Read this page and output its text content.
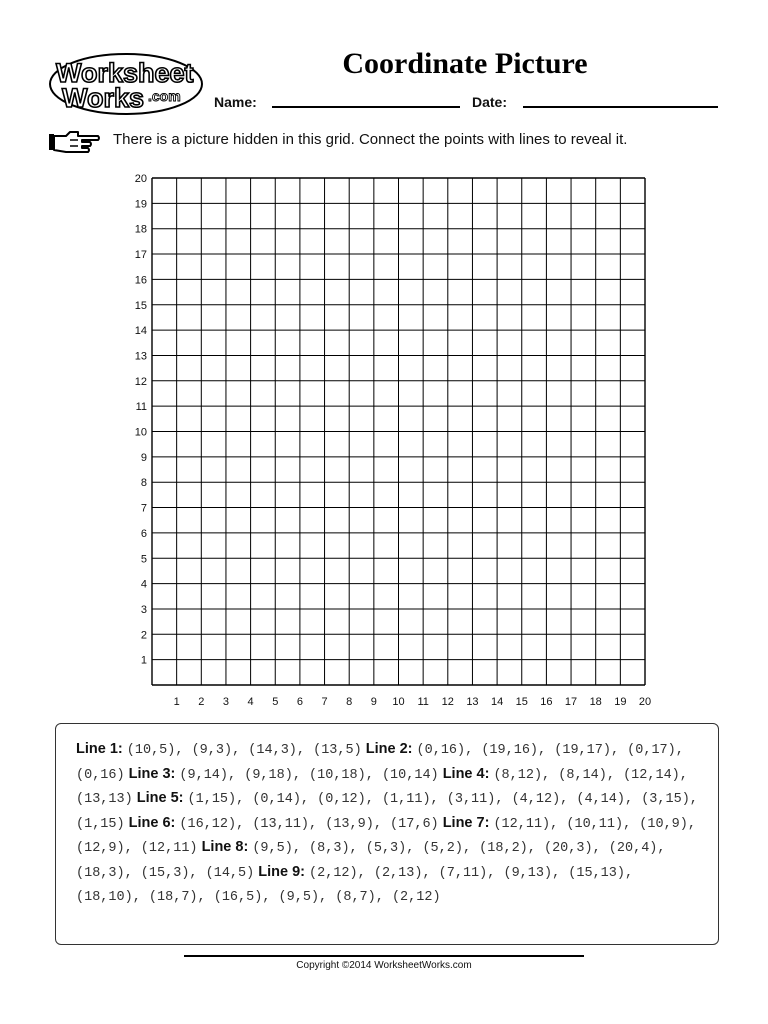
Worksheet
Works .com
Coordinate Picture
Name:	Date:
There is a picture hidden in this grid. Connect the points with lines to reveal it.
1
2
3
4
5
6
7
8
9
10
11
12
13
14
15
16
17
18
19
20
1 2 3 4 5 6 7 8 9 10 11 12 13 14 15 16 17 18 19 20
Line 1: (10,5), (9,3), (14,3), (13,5) Line 2: (0,16), (19,16), (19,17), (0,17), (0,16) Line 3: (9,14), (9,18), (10,18), (10,14) Line 4: (8,12), (8,14), (12,14), (13,13) Line 5: (1,15), (0,14), (0,12), (1,11), (3,11), (4,12), (4,14), (3,15), (1,15) Line 6: (16,12), (13,11), (13,9), (17,6) Line 7: (12,11), (10,11), (10,9), (12,9), (12,11) Line 8: (9,5), (8,3), (5,3), (5,2), (18,2), (20,3), (20,4), (18,3), (15,3), (14,5) Line 9: (2,12), (2,13), (7,11), (9,13), (15,13), (18,10), (18,7), (16,5), (9,5), (8,7), (2,12)
Copyright ©2014 WorksheetWorks.com
